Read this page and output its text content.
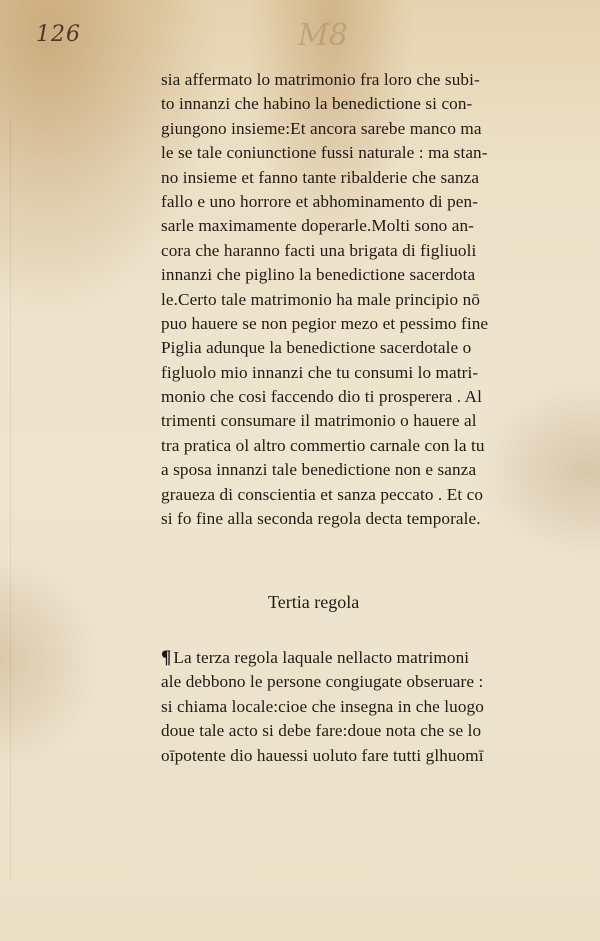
126	M8
sia affermato lo matrimonio fra loro che subi-
to innanzi che habino la benedictione si con-
giungono insieme:Et ancora sarebe manco ma
le se tale coniunctione fussi naturale : ma stan-
no insieme et fanno tante ribalderie che sanza
fallo e uno horrore et abhominamento di pen-
sarle maximamente doperarle.Molti sono an-
cora che haranno facti una brigata di figliuoli
innanzi che piglino la benedictione sacerdota
le.Certo tale matrimonio ha male principio nō
puo hauere se non pegior mezo et pessimo fine
Piglia adunque la benedictione sacerdotale o
figluolo mio innanzi che tu consumi lo matri-
monio che cosi faccendo dio ti prosperera . Al
trimenti consumare il matrimonio o hauere al
tra pratica ol altro commertio carnale con la tu
a sposa innanzi tale benedictione non e sanza
graueza di conscientia et sanza peccato . Et co
si fo fine alla seconda regola decta temporale.
Tertia regola
¶ La terza regola laquale nellacto matrimoni
ale debbono le persone congiugate obseruare :
si chiama locale:cioe che insegna in che luogo
doue tale acto si debe fare:doue nota che se lo
oīpotente dio hauessi uoluto fare tutti glhuomī
